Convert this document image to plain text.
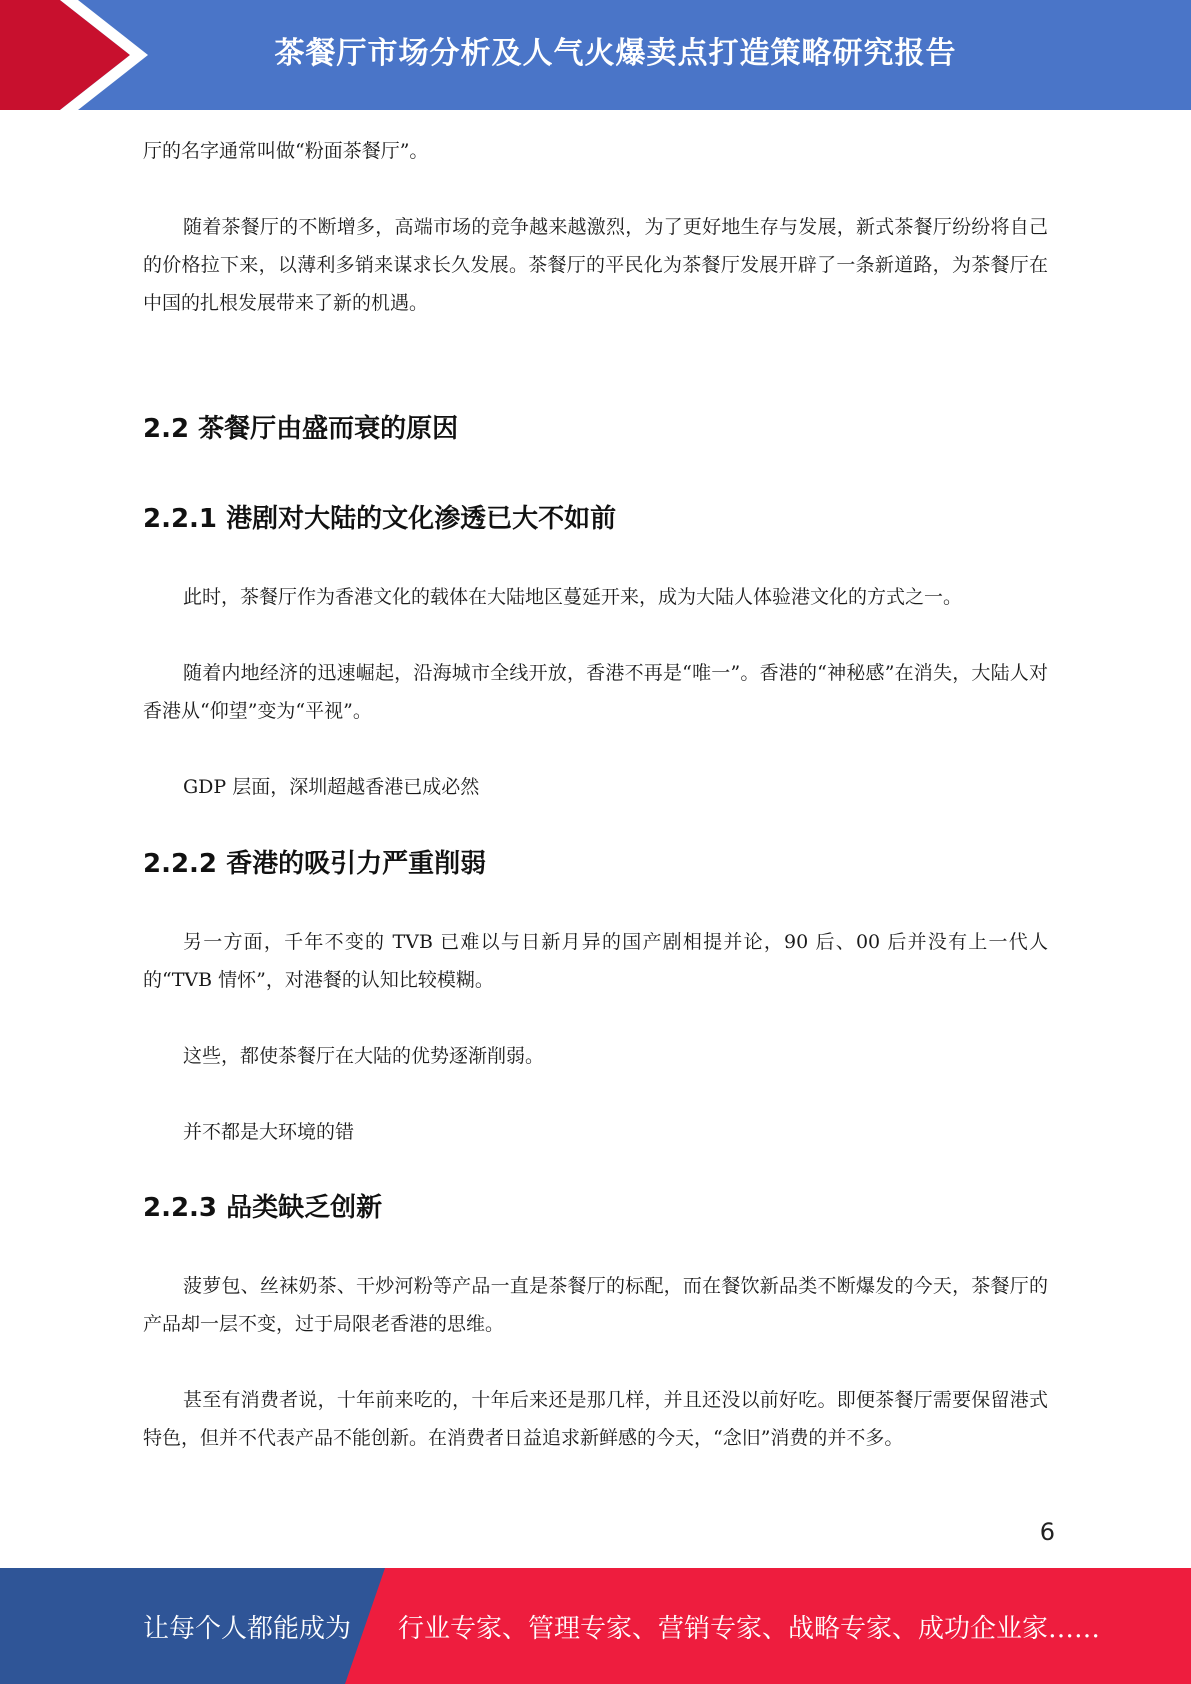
茶餐厅市场分析及人气火爆卖点打造策略研究报告

厅的名字通常叫做“粉面茶餐厅”。

随着茶餐厅的不断增多，高端市场的竞争越来越激烈，为了更好地生存与发展，新式茶餐厅纷纷将自己的价格拉下来，以薄利多销来谋求长久发展。茶餐厅的平民化为茶餐厅发展开辟了一条新道路，为茶餐厅在中国的扎根发展带来了新的机遇。

2.2 茶餐厅由盛而衰的原因
2.2.1 港剧对大陆的文化渗透已大不如前

此时，茶餐厅作为香港文化的载体在大陆地区蔓延开来，成为大陆人体验港文化的方式之一。

随着内地经济的迅速崛起，沿海城市全线开放，香港不再是“唯一”。香港的“神秘感”在消失，大陆人对香港从“仰望”变为“平视”。

GDP 层面，深圳超越香港已成必然

2.2.2 香港的吸引力严重削弱

另一方面，千年不变的 TVB 已难以与日新月异的国产剧相提并论，90 后、00 后并没有上一代人的“TVB 情怀”，对港餐的认知比较模糊。

这些，都使茶餐厅在大陆的优势逐渐削弱。

并不都是大环境的错

2.2.3 品类缺乏创新

菠萝包、丝袜奶茶、干炒河粉等产品一直是茶餐厅的标配，而在餐饮新品类不断爆发的今天，茶餐厅的产品却一层不变，过于局限老香港的思维。

甚至有消费者说，十年前来吃的，十年后来还是那几样，并且还没以前好吃。即便茶餐厅需要保留港式特色，但并不代表产品不能创新。在消费者日益追求新鲜感的今天，“念旧”消费的并不多。

6
让每个人都能成为 行业专家、管理专家、营销专家、战略专家、成功企业家……
